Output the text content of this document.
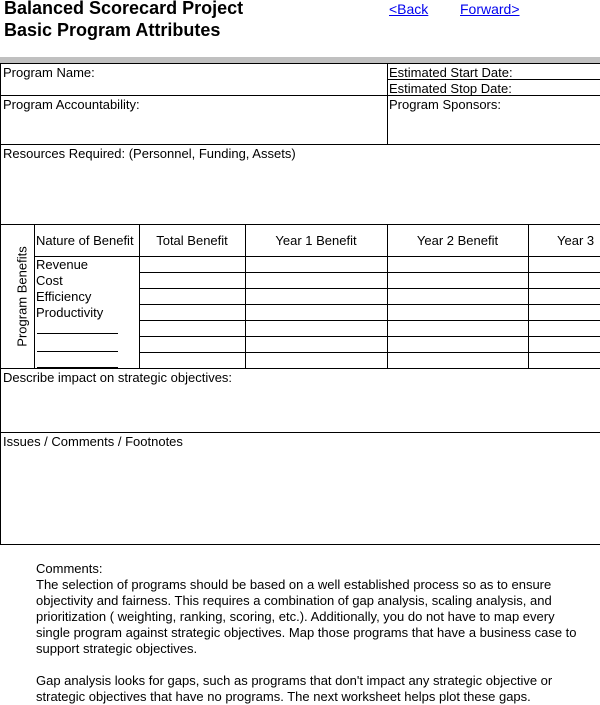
Balanced Scorecard Project
Basic Program Attributes
<Back Forward>
Program Name:	Estimated Start Date:
Estimated Stop Date:
Program Accountability:	Program Sponsors:
Resources Required: (Personnel, Funding, Assets)
Program Benefits
Nature of Benefit	Total Benefit	Year 1 Benefit	Year 2 Benefit	Year 3
Revenue
Cost
Efficiency
Productivity
Describe impact on strategic objectives:
Issues / Comments / Footnotes

Comments:

The selection of programs should be based on a well established process so as to ensure objectivity and fairness. This requires a combination of gap analysis, scaling analysis, and prioritization ( weighting, ranking, scoring, etc.). Additionally, you do not have to map every single program against strategic objectives. Map those programs that have a business case to support strategic objectives.

Gap analysis looks for gaps, such as programs that don't impact any strategic objective or strategic objectives that have no programs. The next worksheet helps plot these gaps.
